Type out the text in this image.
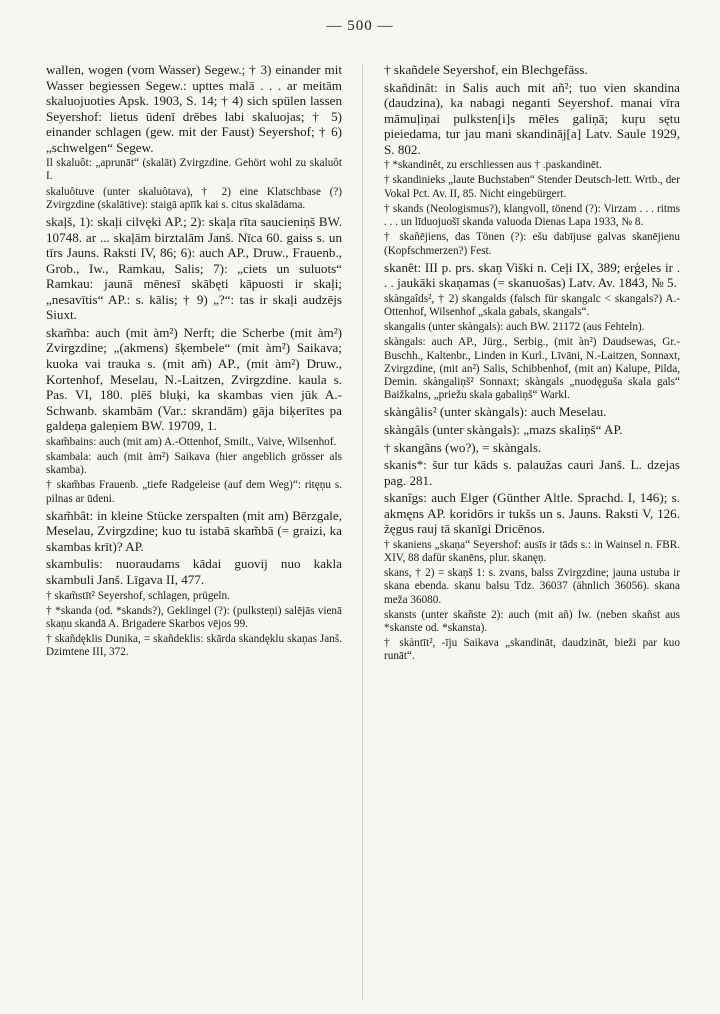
— 500 —

wallen, wogen (vom Wasser) Segew.; † 3) einander mit Wasser begiessen Segew.: upttes malā . . . ar meitām skaluojuoties Apsk. 1903, S. 14; † 4) sich spülen lassen Seyershof: lietus ūdenī drēbes labi skaluojas; † 5) einander schlagen (gew. mit der Faust) Seyershof; † 6) „schwelgen“ Segew.

Il skaluôt: „aprunāt“ (skalāt) Zvirgzdine. Gehört wohl zu skaluôt I.

skaluôtuve (unter skaluôtava), † 2) eine Klatschbase (?) Zvirgzdine (skalātive): staigā apīīk kai s. citus skalādama.

skaļš, 1): skaļi cilvęki AP.; 2): skaļa rīta saucieniņš BW. 10748. ar ... skaļām birztalām Janš. Nīca 60. gaiss s. un tīrs Jauns. Raksti IV, 86; 6): auch AP., Druw., Frauenb., Grob., Iw., Ramkau, Salis; 7): „ciets un suluots“ Ramkau: jaunā mēnesī skābęti kāpuosti ir skaļi; „nesavītis“ AP.: s. kālis; † 9) „?“: tas ir skaļi audzējs Siuxt.

skam̃ba: auch (mit àm²) Nerft; die Scherbe (mit àm²) Zvirgzdine; „(akmens) šķembele“ (mit àm²) Saikava; kuoka vai trauka s. (mit am̃) AP., (mit àm²) Druw., Kortenhof, Meselau, N.-Laitzen, Zvirgzdine. kaula s. Pas. VI, 180. plēš bluķi, ka skambas vien jūk A.-Schwanb. skambām (Var.: skrandām) gāja biķerītes pa galdeņa galeņiem BW. 19709, 1.

skam̃bains: auch (mit am) A.-Ottenhof, Smilt., Vaive, Wilsenhof.

skambala: auch (mit àm²) Saikava (hier angeblich grösser als skamba).

† skam̃bas Frauenb. „tiefe Radgeleise (auf dem Weg)“: ritęņu s. pilnas ar ūdeni.

skam̃bât: in kleine Stücke zerspalten (mit am) Bērzgale, Meselau, Zvirgzdine; kuo tu istabā skam̃bā (= graizi, ka skambas krīt)? AP.

skambulis: nuoraudams kādai guovij nuo kakla skambuli Janš. Līgava II, 477.

† skam̃stīt² Seyershof, schlagen, prügeln.

† *skanda (od. *skands?), Geklingel (?): (pulksteņi) salējās vienā skaņu skandā A. Brigadere Skarbos vējos 99.

† skañdęklis Dunika, = skañdeklis: skārda skandęklu skaņas Janš. Dzimtene III, 372.

† skañdele Seyershof, ein Blechgefäss.

skañdinât: in Salis auch mit añ²; tuo vien skandina (daudzina), ka nabagi neganti Seyershof. manai vīra māmuļiņai pulksten[i]s mēles galiņā; kuŗu sętu pieiedama, tur jau mani skandināj[a] Latv. Saule 1929, S. 802.

† *skandinêt, zu erschliessen aus † .paskandinēt.

† skandinieks „laute Buchstaben“ Stender Deutsch-lett. Wrtb., der Vokal Pct. Av. II, 85. Nicht eingebürgert.

† skands (Neologismus?), klangvoll, tönend (?): Virzam . . . ritms . . . un līduojuošī skanda valuoda Dienas Lapa 1933, № 8.

† skañējiens, das Tönen (?): ešu dabījuse galvas skanējienu (Kopfschmerzen?) Fest.

skanêt: III p. prs. skaņ Viški n. Ceļi IX, 389; erģeles ir . . . jaukāki skaņamas (= skanuošas) Latv. Av. 1843, № 5.

skàngaîds², † 2) skangalds (falsch für skangalc < skangals?) A.-Ottenhof, Wilsenhof „skala gabals, skangals“.

skangalis (unter skàngals): auch BW. 21172 (aus Fehteln).

skàngals: auch AP., Jürg., Serbig., (mit àn²) Daudsewas, Gr.-Buschh., Kaltenbr., Linden in Kurl., Līvāni, N.-Laitzen, Sonnaxt, Zvirgzdine, (mit an²) Salis, Schibbenhof, (mit an) Kalupe, Pilda, Demin. skàngaliņš² Sonnaxt; skàngals „nuodęguša skala gals“ Baižkalns, „priežu skala gabaliņš“ Warkl.

skàngâlis² (unter skàngals): auch Meselau.

skàngâls (unter skàngals): „mazs skaliņš“ AP.

† skangãns (wo?), = skàngals.

skanis*: šur tur kāds s. palaužas cauri Janš. L. dzejas pag. 281.

skanîgs: auch Elger (Günther Altle. Sprachd. I, 146); s. akmęns AP. koridōrs ir tukšs un s. Jauns. Raksti V, 126. žęgus rauj tā skanīgi Dricēnos.

† skaniens „skaņa“ Seyershof: ausīs ir tāds s.: in Wainsel n. FBR. XIV, 88 dafür skanēns, plur. skanęņ.

skans, † 2) = skaņš 1: s. zvans, balss Zvirgzdine; jauna ustuba ir skana ebenda. skanu balsu Tdz. 36037 (ähnlich 36056). skana meža 36080.

skansts (unter skañste 2): auch (mit añ) Iw. (neben skañst aus *skanste od. *skansta).

† skàntīt², -īju Saikava „skandināt, daudzināt, bieži par kuo runāt“.
